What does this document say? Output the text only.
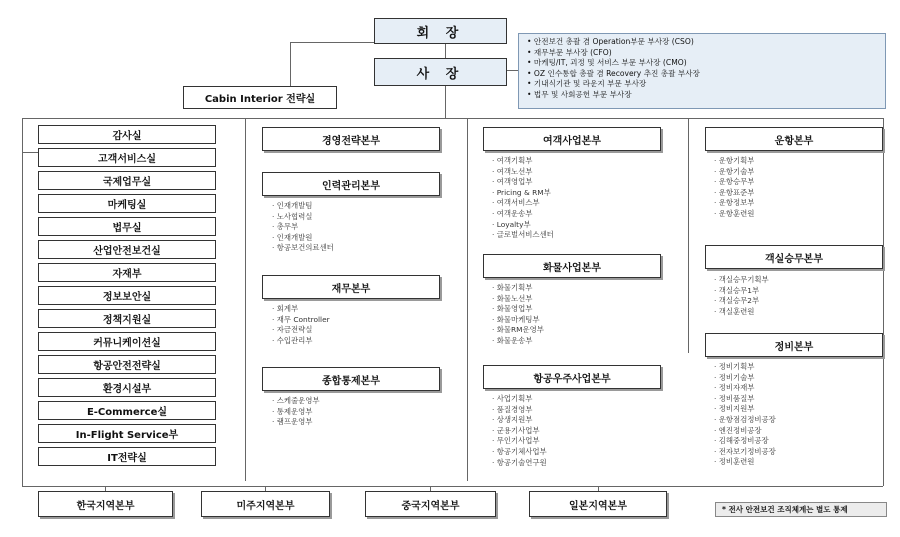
회 장
사 장
Cabin Interior 전략실
• 안전보건 총괄 겸 Operation부문 부사장 (CSO)
• 재무부문 부사장 (CFO)
• 마케팅/IT, 괴정 및 서비스 부문 부사장 (CMO)
• OZ 인수통합 총괄 겸 Recovery 추진 총괄 부사장
• 기내식기관 및 라운지 부문 부사장
• 법무 및 사회공헌 부문 부사장
감사실
고객서비스실
국제업무실
마케팅실
법무실
산업안전보건실
자재부
정보보안실
정책지원실
커뮤니케이션실
항공안전전략실
환경시설부
E-Commerce실
In-Flight Service부
IT전략실
경영전략본부
인력관리본부
· 인재개발팀
· 노사협력실
· 총무부
· 인재개발원
· 항공보건의료센터
재무본부
· 회계부
· 재무 Controller
· 자금전략실
· 수입관리부
종합통제본부
· 스케줄운영부
· 통제운영부
· 램프운영부
여객사업본부
· 여객기획부
· 여객노선부
· 여객영업부
· Pricing & RM부
· 여객서비스부
· 여객운송부
· Loyalty부
· 글로벌서비스센터
화물사업본부
· 화물기획부
· 화물노선부
· 화물영업부
· 화물마케팅부
· 화물RM운영부
· 화물운송부
항공우주사업본부
· 사업기획부
· 품질경영부
· 상생지원부
· 군용기사업부
· 무인기사업부
· 항공기체사업부
· 항공기술연구원
운항본부
· 운항기획부
· 운항기술부
· 운항승무부
· 운항표준부
· 운항정보부
· 운항훈련원
객실승무본부
· 객실승무기획부
· 객실승무1부
· 객실승무2부
· 객실훈련원
정비본부
· 정비기획부
· 정비기술부
· 정비자재부
· 정비품질부
· 정비지원부
· 운항점검정비공장
· 엔진정비공장
· 김해중정비공장
· 전자보기정비공장
· 정비훈련원
* 전사 안전보건 조직체계는 별도 통제
한국지역본부	미주지역본부	중국지역본부	일본지역본부
